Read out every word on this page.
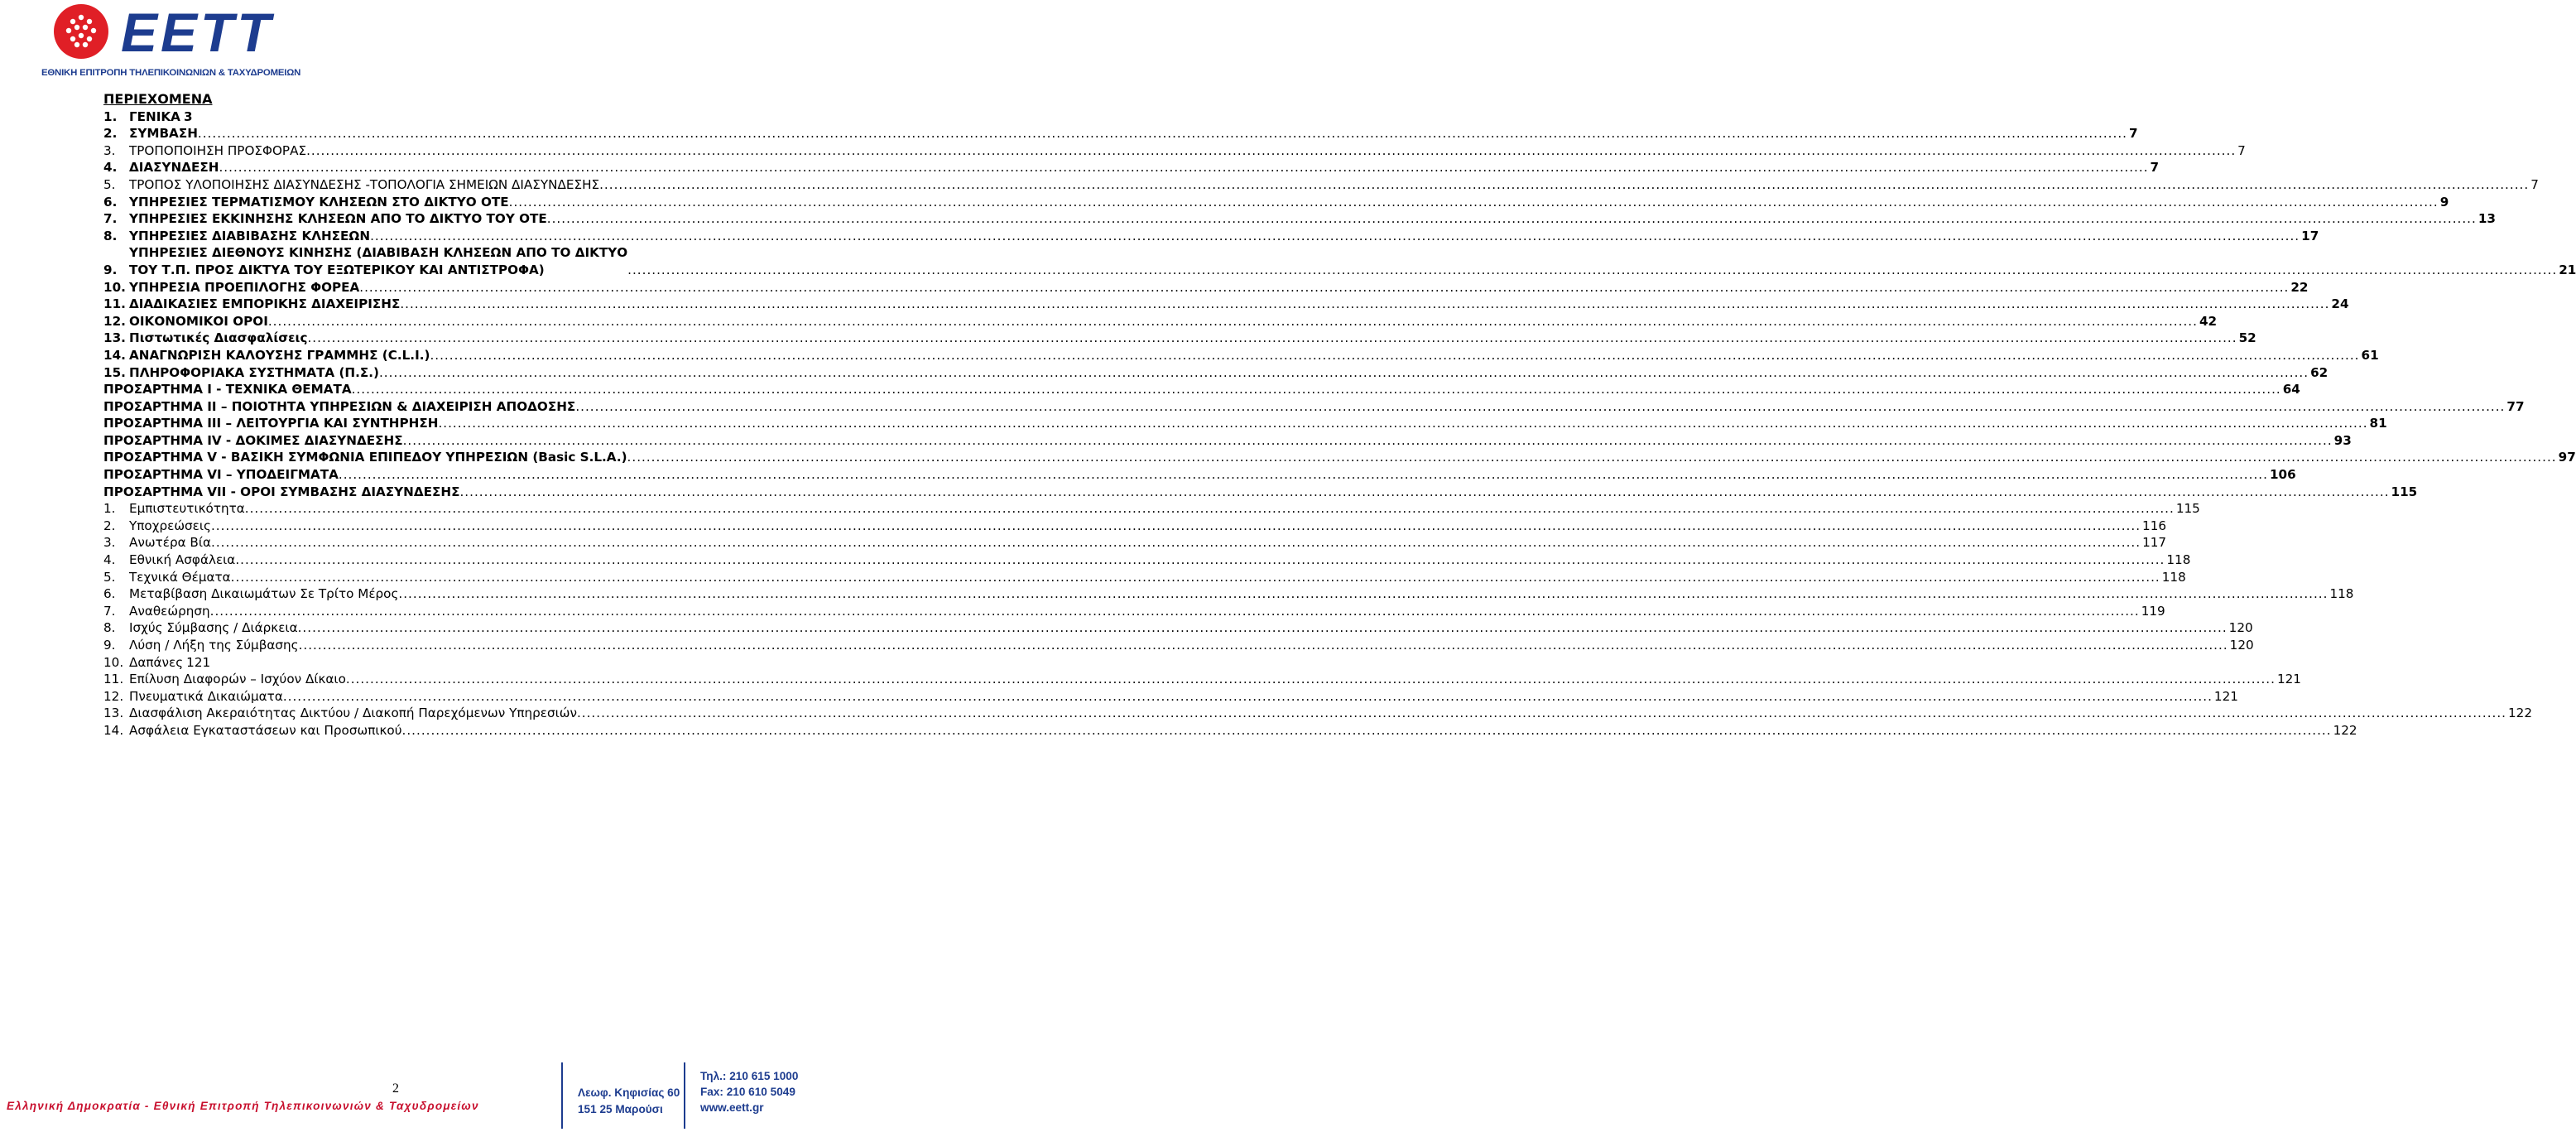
ΕΕΤΤ
ΕΘΝΙΚΗ ΕΠΙΤΡΟΠΗ ΤΗΛΕΠΙΚΟΙΝΩΝΙΩΝ & ΤΑΧΥΔΡΟΜΕΙΩΝ
ΠΕΡΙΕΧΟΜΕΝΑ
1. ΓΕΝΙΚΑ 3
2. ΣΥΜΒΑΣΗ ................................................................................................................................................................................................................................................................................................................................................................................................................ 7
3.	ΤΡΟΠΟΠΟΙΗΣΗ ΠΡΟΣΦΟΡΑΣ ................................................................................................................................................................................................................................................................................................................................................................................................................ 7
4. ΔΙΑΣΥΝΔΕΣΗ ................................................................................................................................................................................................................................................................................................................................................................................................................ 7
5.	ΤΡΟΠΟΣ ΥΛΟΠΟΙΗΣΗΣ ΔΙΑΣΥΝΔΕΣΗΣ -ΤΟΠΟΛΟΓΙΑ ΣΗΜΕΙΩΝ ΔΙΑΣΥΝΔΕΣΗΣ ................................................................................................................................................................................................................................................................................................................................................................................................................ 7
6. ΥΠΗΡΕΣΙΕΣ ΤΕΡΜΑΤΙΣΜΟΥ ΚΛΗΣΕΩΝ ΣΤΟ ΔΙΚΤΥΟ ΟΤΕ ................................................................................................................................................................................................................................................................................................................................................................................................................ 9
7. ΥΠΗΡΕΣΙΕΣ ΕΚΚΙΝΗΣΗΣ ΚΛΗΣΕΩΝ ΑΠΟ ΤΟ ΔΙΚΤΥΟ ΤΟΥ ΟΤΕ ................................................................................................................................................................................................................................................................................................................................................................................................................ 13
8. ΥΠΗΡΕΣΙΕΣ ΔΙΑΒΙΒΑΣΗΣ ΚΛΗΣΕΩΝ ................................................................................................................................................................................................................................................................................................................................................................................................................ 17
9.
ΥΠΗΡΕΣΙΕΣ ΔΙΕΘΝΟΥΣ ΚΙΝΗΣΗΣ (ΔΙΑΒΙΒΑΣΗ ΚΛΗΣΕΩΝ ΑΠΟ ΤΟ ΔΙΚΤΥΟ
ΤΟΥ Τ.Π. ΠΡΟΣ ΔΙΚΤΥΑ ΤΟΥ ΕΞΩΤΕΡΙΚΟΥ ΚΑΙ ΑΝΤΙΣΤΡΟΦΑ)	................................................................................................................................................................................................................................................................................................................................................................................................................ 21
10. ΥΠΗΡΕΣΙΑ ΠΡΟΕΠΙΛΟΓΗΣ ΦΟΡΕΑ ................................................................................................................................................................................................................................................................................................................................................................................................................ 22
11. ΔΙΑΔΙΚΑΣΙΕΣ ΕΜΠΟΡΙΚΗΣ ΔΙΑΧΕΙΡΙΣΗΣ ................................................................................................................................................................................................................................................................................................................................................................................................................ 24
12. ΟΙΚΟΝΟΜΙΚΟΙ ΟΡΟΙ ................................................................................................................................................................................................................................................................................................................................................................................................................ 42
13. Πιστωτικές Διασφαλίσεις ................................................................................................................................................................................................................................................................................................................................................................................................................ 52
14. ΑΝΑΓΝΩΡΙΣΗ ΚΑΛΟΥΣΗΣ ΓΡΑΜΜΗΣ (C.L.I.) ................................................................................................................................................................................................................................................................................................................................................................................................................ 61
15. ΠΛΗΡΟΦΟΡΙΑΚΑ ΣΥΣΤΗΜΑΤΑ (Π.Σ.) ................................................................................................................................................................................................................................................................................................................................................................................................................ 62
ΠΡΟΣΑΡΤΗΜΑ Ι - ΤΕΧΝΙΚΑ ΘΕΜΑΤΑ ................................................................................................................................................................................................................................................................................................................................................................................................................ 64
ΠΡΟΣΑΡΤΗΜΑ ΙΙ – ΠΟΙΟΤΗΤΑ ΥΠΗΡΕΣΙΩΝ & ΔΙΑΧΕΙΡΙΣΗ ΑΠΟΔΟΣΗΣ ................................................................................................................................................................................................................................................................................................................................................................................................................ 77
ΠΡΟΣΑΡΤΗΜΑ ΙΙΙ – ΛΕΙΤΟΥΡΓΙΑ ΚΑΙ ΣΥΝΤΗΡΗΣΗ ................................................................................................................................................................................................................................................................................................................................................................................................................ 81
ΠΡΟΣΑΡΤΗΜΑ ΙV - ΔΟΚΙΜΕΣ ΔΙΑΣΥΝΔΕΣΗΣ ................................................................................................................................................................................................................................................................................................................................................................................................................ 93
ΠΡΟΣΑΡΤΗΜΑ V - ΒΑΣΙΚΗ ΣΥΜΦΩΝΙΑ ΕΠΙΠΕΔΟΥ ΥΠΗΡΕΣΙΩΝ (Basic S.L.A.) ................................................................................................................................................................................................................................................................................................................................................................................................................ 97
ΠΡΟΣΑΡΤΗΜΑ VI – ΥΠΟΔΕΙΓΜΑΤΑ ................................................................................................................................................................................................................................................................................................................................................................................................................ 106
ΠΡΟΣΑΡΤΗΜΑ VII - ΟΡΟΙ ΣΥΜΒΑΣΗΣ ΔΙΑΣΥΝΔΕΣΗΣ ................................................................................................................................................................................................................................................................................................................................................................................................................ 115
1.	Εμπιστευτικότητα ................................................................................................................................................................................................................................................................................................................................................................................................................ 115
2.	Υποχρεώσεις ................................................................................................................................................................................................................................................................................................................................................................................................................ 116
3.	Ανωτέρα Βία ................................................................................................................................................................................................................................................................................................................................................................................................................ 117
4.	Εθνική Ασφάλεια ................................................................................................................................................................................................................................................................................................................................................................................................................ 118
5.	Τεχνικά Θέματα ................................................................................................................................................................................................................................................................................................................................................................................................................ 118
6.	Μεταβίβαση Δικαιωμάτων Σε Τρίτο Μέρος ................................................................................................................................................................................................................................................................................................................................................................................................................ 118
7.	Αναθεώρηση ................................................................................................................................................................................................................................................................................................................................................................................................................ 119
8.	Ισχύς Σύμβασης / Διάρκεια ................................................................................................................................................................................................................................................................................................................................................................................................................ 120
9.	Λύση / Λήξη της Σύμβασης ................................................................................................................................................................................................................................................................................................................................................................................................................ 120
10. Δαπάνες 121
11. Επίλυση Διαφορών – Ισχύον Δίκαιο ................................................................................................................................................................................................................................................................................................................................................................................................................ 121
12. Πνευματικά Δικαιώματα ................................................................................................................................................................................................................................................................................................................................................................................................................ 121
13. Διασφάλιση Ακεραιότητας Δικτύου / Διακοπή Παρεχόμενων Υπηρεσιών ................................................................................................................................................................................................................................................................................................................................................................................................................ 122
14. Ασφάλεια Εγκαταστάσεων και Προσωπικού ................................................................................................................................................................................................................................................................................................................................................................................................................ 122
2
Ελληνική Δημοκρατία - Εθνική Επιτροπή Τηλεπικοινωνιών & Ταχυδρομείων
Λεωφ. Κηφισίας 60
151 25 Μαρούσι
Τηλ.: 210 615 1000
Fax: 210 610 5049
www.eett.gr
